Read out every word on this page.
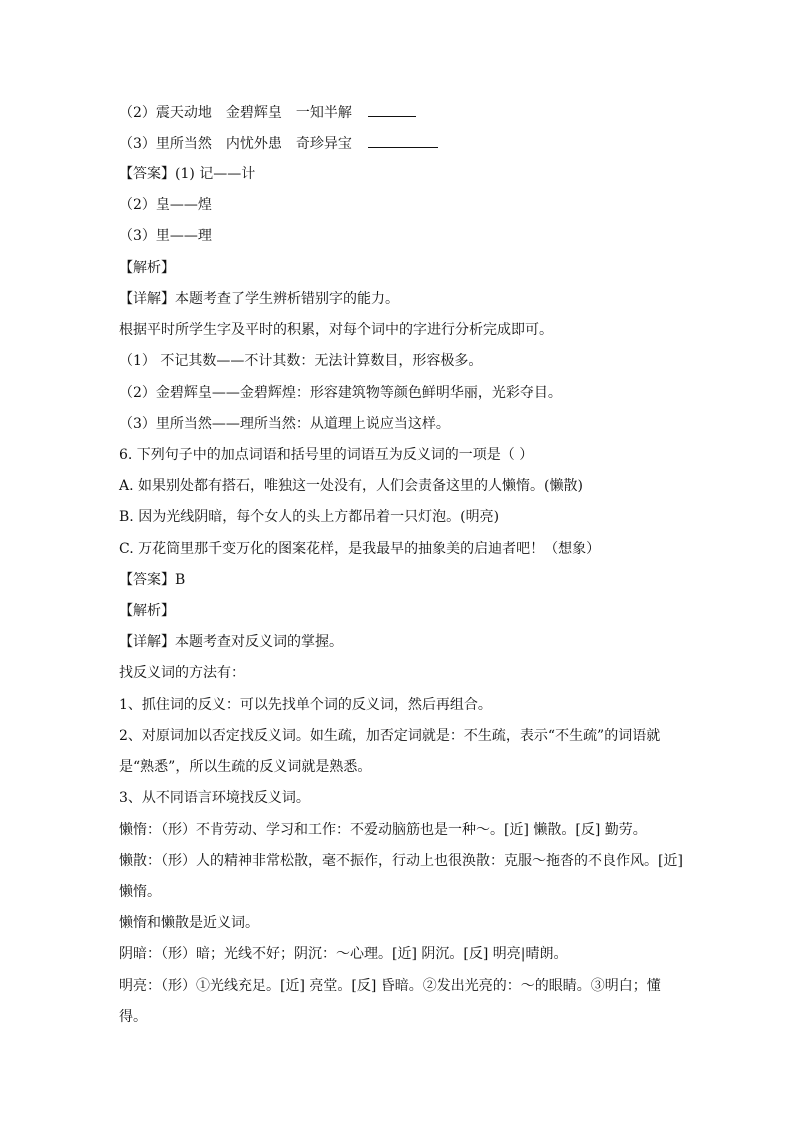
（2）震天动地 金碧辉皇 一知半解
（3）里所当然 内忧外患 奇珍异宝
【答案】(1) 记——计
（2）皇——煌
（3）里——理
【解析】
【详解】本题考查了学生辨析错别字的能力。
根据平时所学生字及平时的积累，对每个词中的字进行分析完成即可。
（1） 不记其数——不计其数：无法计算数目，形容极多。
（2）金碧辉皇——金碧辉煌：形容建筑物等颜色鲜明华丽，光彩夺目。
（3）里所当然——理所当然：从道理上说应当这样。
6. 下列句子中的加点词语和括号里的词语互为反义词的一项是（ ）
A. 如果别处都有搭石，唯独这一处没有，人们会责备这里的人懒惰。(懒散)
B. 因为光线阴暗，每个女人的头上方都吊着一只灯泡。(明亮)
C. 万花筒里那千变万化的图案花样，是我最早的抽象美的启迪者吧！（想象）
【答案】B
【解析】
【详解】本题考查对反义词的掌握。
找反义词的方法有：
1、抓住词的反义：可以先找单个词的反义词，然后再组合。
2、对原词加以否定找反义词。如生疏，加否定词就是：不生疏，表示“不生疏”的词语就
是“熟悉”，所以生疏的反义词就是熟悉。
3、从不同语言环境找反义词。
懒惰：（形）不肯劳动、学习和工作：不爱动脑筋也是一种～。[近] 懒散。[反] 勤劳。
懒散：（形）人的精神非常松散，毫不振作，行动上也很涣散：克服～拖沓的不良作风。[近]
懒惰。
懒惰和懒散是近义词。
阴暗：（形）暗；光线不好；阴沉：～心理。[近] 阴沉。[反] 明亮|晴朗。
明亮：（形）①光线充足。[近] 亮堂。[反] 昏暗。②发出光亮的：～的眼睛。③明白；懂
得。
